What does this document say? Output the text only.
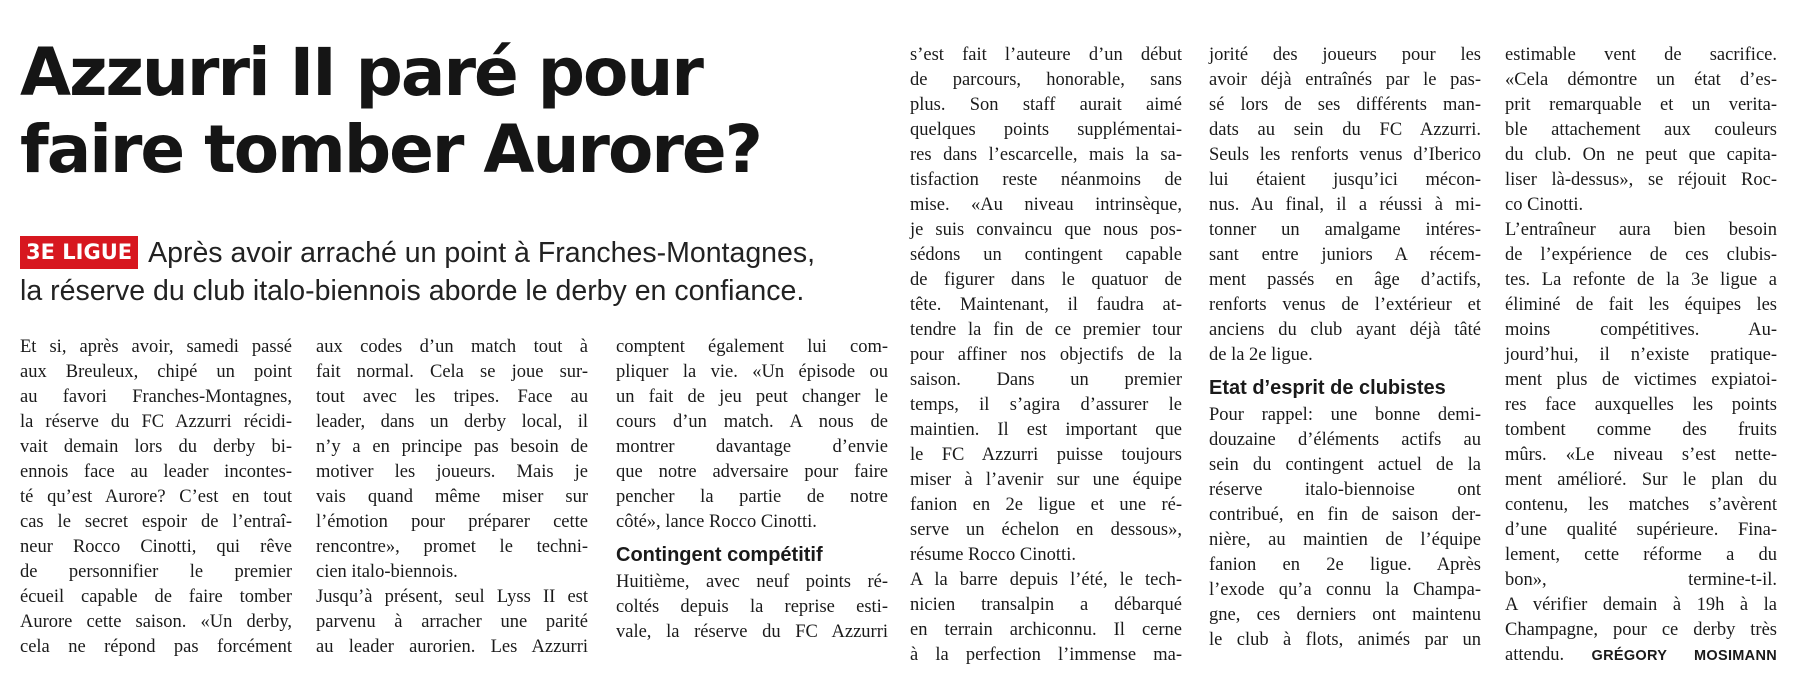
Azzurri II paré pour
faire tomber Aurore?

3E LIGUE Après avoir arraché un point à Franches-Montagnes,
la réserve du club italo-biennois aborde le derby en confiance.

Et si, après avoir, samedi passé
aux Breuleux, chipé un point
au favori Franches-Montagnes,
la réserve du FC Azzurri récidi-
vait demain lors du derby bi-
ennois face au leader incontes-
té qu’est Aurore? C’est en tout
cas le secret espoir de l’entraî-
neur Rocco Cinotti, qui rêve
de personnifier le premier
écueil capable de faire tomber
Aurore cette saison. «Un derby,
cela ne répond pas forcément
aux codes d’un match tout à
fait normal. Cela se joue sur-
tout avec les tripes. Face au
leader, dans un derby local, il
n’y a en principe pas besoin de
motiver les joueurs. Mais je
vais quand même miser sur
l’émotion pour préparer cette
rencontre», promet le techni-
cien italo-biennois.
Jusqu’à présent, seul Lyss II est
parvenu à arracher une parité
au leader aurorien. Les Azzurri
comptent également lui com-
pliquer la vie. «Un épisode ou
un fait de jeu peut changer le
cours d’un match. A nous de
montrer davantage d’envie
que notre adversaire pour faire
pencher la partie de notre
côté», lance Rocco Cinotti.
Contingent compétitif
Huitième, avec neuf points ré-
coltés depuis la reprise esti-
vale, la réserve du FC Azzurri
s’est fait l’auteure d’un début
de parcours, honorable, sans
plus. Son staff aurait aimé
quelques points supplémentai-
res dans l’escarcelle, mais la sa-
tisfaction reste néanmoins de
mise. «Au niveau intrinsèque,
je suis convaincu que nous pos-
sédons un contingent capable
de figurer dans le quatuor de
tête. Maintenant, il faudra at-
tendre la fin de ce premier tour
pour affiner nos objectifs de la
saison. Dans un premier
temps, il s’agira d’assurer le
maintien. Il est important que
le FC Azzurri puisse toujours
miser à l’avenir sur une équipe
fanion en 2e ligue et une ré-
serve un échelon en dessous»,
résume Rocco Cinotti.
A la barre depuis l’été, le tech-
nicien transalpin a débarqué
en terrain archiconnu. Il cerne
à la perfection l’immense ma-
jorité des joueurs pour les
avoir déjà entraînés par le pas-
sé lors de ses différents man-
dats au sein du FC Azzurri.
Seuls les renforts venus d’Iberico
lui étaient jusqu’ici mécon-
nus. Au final, il a réussi à mi-
tonner un amalgame intéres-
sant entre juniors A récem-
ment passés en âge d’actifs,
renforts venus de l’extérieur et
anciens du club ayant déjà tâté
de la 2e ligue.
Etat d’esprit de clubistes
Pour rappel: une bonne demi-
douzaine d’éléments actifs au
sein du contingent actuel de la
réserve italo-biennoise ont
contribué, en fin de saison der-
nière, au maintien de l’équipe
fanion en 2e ligue. Après
l’exode qu’a connu la Champa-
gne, ces derniers ont maintenu
le club à flots, animés par un
estimable vent de sacrifice.
«Cela démontre un état d’es-
prit remarquable et un verita-
ble attachement aux couleurs
du club. On ne peut que capita-
liser là-dessus», se réjouit Roc-
co Cinotti.
L’entraîneur aura bien besoin
de l’expérience de ces clubis-
tes. La refonte de la 3e ligue a
éliminé de fait les équipes les
moins compétitives. Au-
jourd’hui, il n’existe pratique-
ment plus de victimes expiatoi-
res face auxquelles les points
tombent comme des fruits
mûrs. «Le niveau s’est nette-
ment amélioré. Sur le plan du
contenu, les matches s’avèrent
d’une qualité supérieure. Fina-
lement, cette réforme a du
bon», termine-t-il.
A vérifier demain à 19h à la
Champagne, pour ce derby très
attendu. GRÉGORY MOSIMANN
